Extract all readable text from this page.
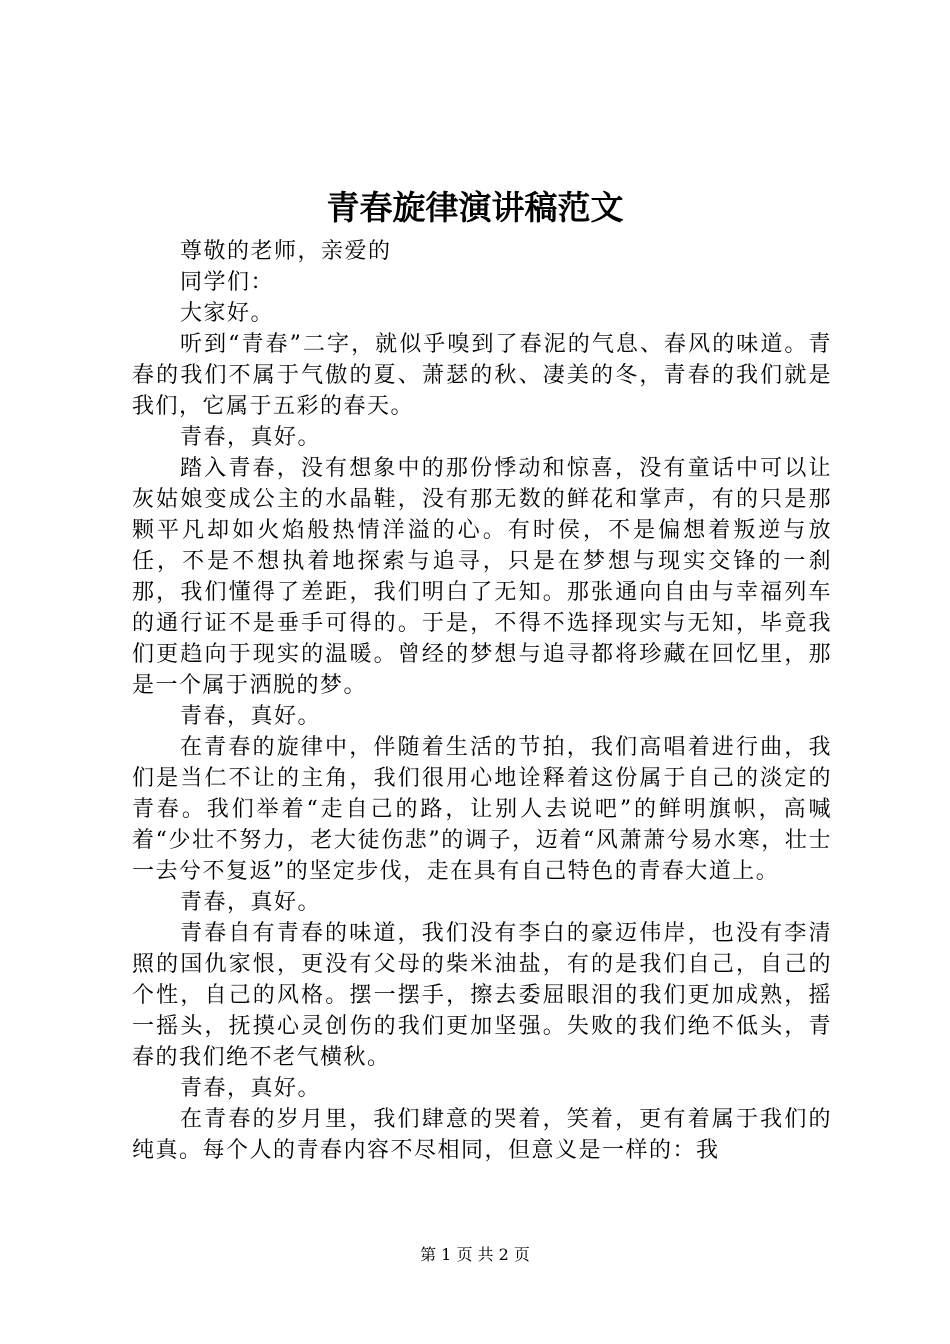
青春旋律演讲稿范文

尊敬的老师，亲爱的

同学们：

大家好。

听到“青春”二字，就似乎嗅到了春泥的气息、春风的味道。青春的我们不属于气傲的夏、萧瑟的秋、凄美的冬，青春的我们就是我们，它属于五彩的春天。

青春，真好。

踏入青春，没有想象中的那份悸动和惊喜，没有童话中可以让灰姑娘变成公主的水晶鞋，没有那无数的鲜花和掌声，有的只是那颗平凡却如火焰般热情洋溢的心。有时侯，不是偏想着叛逆与放任，不是不想执着地探索与追寻，只是在梦想与现实交锋的一刹那，我们懂得了差距，我们明白了无知。那张通向自由与幸福列车的通行证不是垂手可得的。于是，不得不选择现实与无知，毕竟我们更趋向于现实的温暖。曾经的梦想与追寻都将珍藏在回忆里，那是一个属于洒脱的梦。

青春，真好。

在青春的旋律中，伴随着生活的节拍，我们高唱着进行曲，我们是当仁不让的主角，我们很用心地诠释着这份属于自己的淡定的青春。我们举着“走自己的路，让别人去说吧”的鲜明旗帜，高喊着“少壮不努力，老大徒伤悲”的调子，迈着“风萧萧兮易水寒，壮士一去兮不复返”的坚定步伐，走在具有自己特色的青春大道上。

青春，真好。

青春自有青春的味道，我们没有李白的豪迈伟岸，也没有李清照的国仇家恨，更没有父母的柴米油盐，有的是我们自己，自己的个性，自己的风格。摆一摆手，擦去委屈眼泪的我们更加成熟，摇一摇头，抚摸心灵创伤的我们更加坚强。失败的我们绝不低头，青春的我们绝不老气横秋。

青春，真好。

在青春的岁月里，我们肆意的哭着，笑着，更有着属于我们的纯真。每个人的青春内容不尽相同，但意义是一样的：我

第 1 页 共 2 页
